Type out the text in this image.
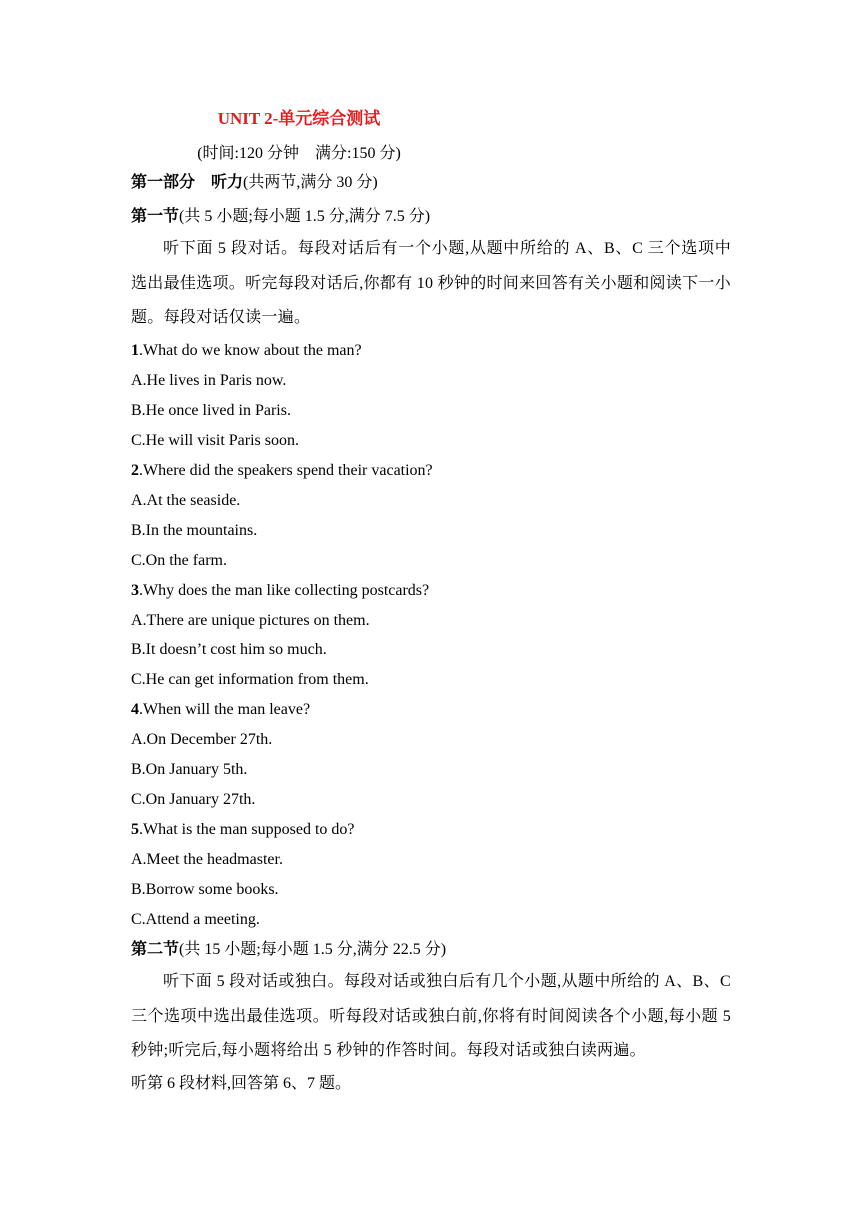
UNIT 2-单元综合测试
(时间:120 分钟　满分:150 分)
第一部分　听力(共两节,满分 30 分)
第一节(共 5 小题;每小题 1.5 分,满分 7.5 分)
听下面 5 段对话。每段对话后有一个小题,从题中所给的 A、B、C 三个选项中选出最佳选项。听完每段对话后,你都有 10 秒钟的时间来回答有关小题和阅读下一小题。每段对话仅读一遍。
1.What do we know about the man?
A.He lives in Paris now.
B.He once lived in Paris.
C.He will visit Paris soon.
2.Where did the speakers spend their vacation?
A.At the seaside.
B.In the mountains.
C.On the farm.
3.Why does the man like collecting postcards?
A.There are unique pictures on them.
B.It doesn’t cost him so much.
C.He can get information from them.
4.When will the man leave?
A.On December 27th.
B.On January 5th.
C.On January 27th.
5.What is the man supposed to do?
A.Meet the headmaster.
B.Borrow some books.
C.Attend a meeting.
第二节(共 15 小题;每小题 1.5 分,满分 22.5 分)
听下面 5 段对话或独白。每段对话或独白后有几个小题,从题中所给的 A、B、C 三个选项中选出最佳选项。听每段对话或独白前,你将有时间阅读各个小题,每小题 5 秒钟;听完后,每小题将给出 5 秒钟的作答时间。每段对话或独白读两遍。
听第 6 段材料,回答第 6、7 题。
